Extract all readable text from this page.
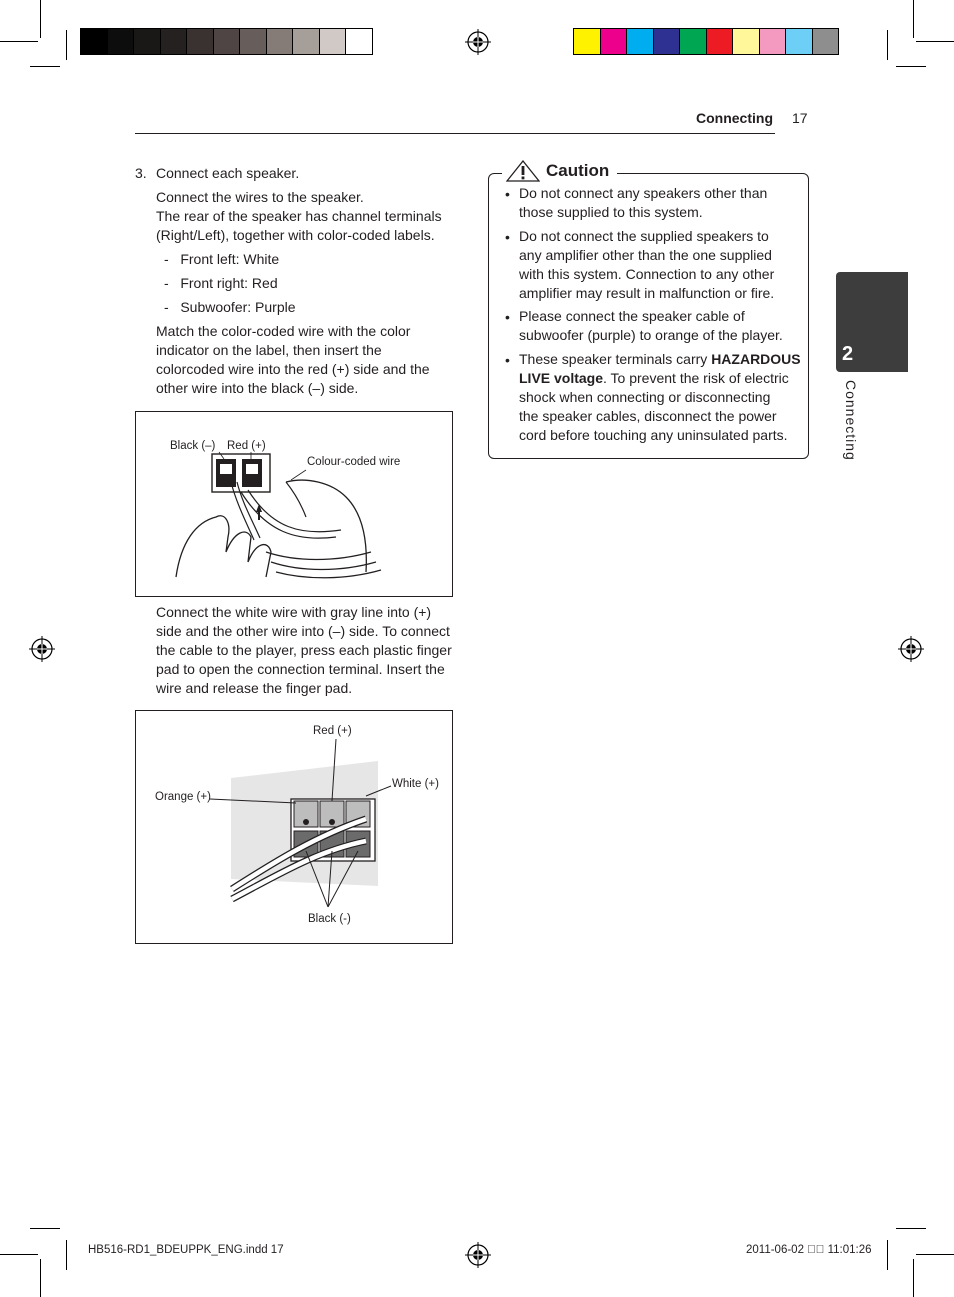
Connecting 17
2
Connecting
3. Connect each speaker.
Connect the wires to the speaker.
The rear of the speaker has channel terminals
(Right/Left), together with color-coded labels.
-   Front left: White
-   Front right: Red
-   Subwoofer: Purple
Match the color-coded wire with the color
indicator on the label, then insert the
colorcoded wire into the red (+) side and the
other wire into the black (–) side.
Black (–) Red (+)
Colour-coded wire
Connect the white wire with gray line into (+)
side and the other wire into (–) side. To connect
the cable to the player, press each plastic finger
pad to open the connection terminal. Insert the
wire and release the finger pad.
Red (+)
White (+)
Orange (+)
Black (-)
Caution
• Do not connect any speakers other than
those supplied to this system.
• Do not connect the supplied speakers to
any amplifier other than the one supplied
with this system. Connection to any other
amplifier may result in malfunction or fire.
• Please connect the speaker cable of
subwoofer (purple) to orange of the player.
• These speaker terminals carry HAZARDOUS
LIVE voltage. To prevent the risk of electric
shock when connecting or disconnecting
the speaker cables, disconnect the power
cord before touching any uninsulated parts.
HB516-RD1_BDEUPPK_ENG.indd 17	2011-06-02 ￿￿ 11:01:26
